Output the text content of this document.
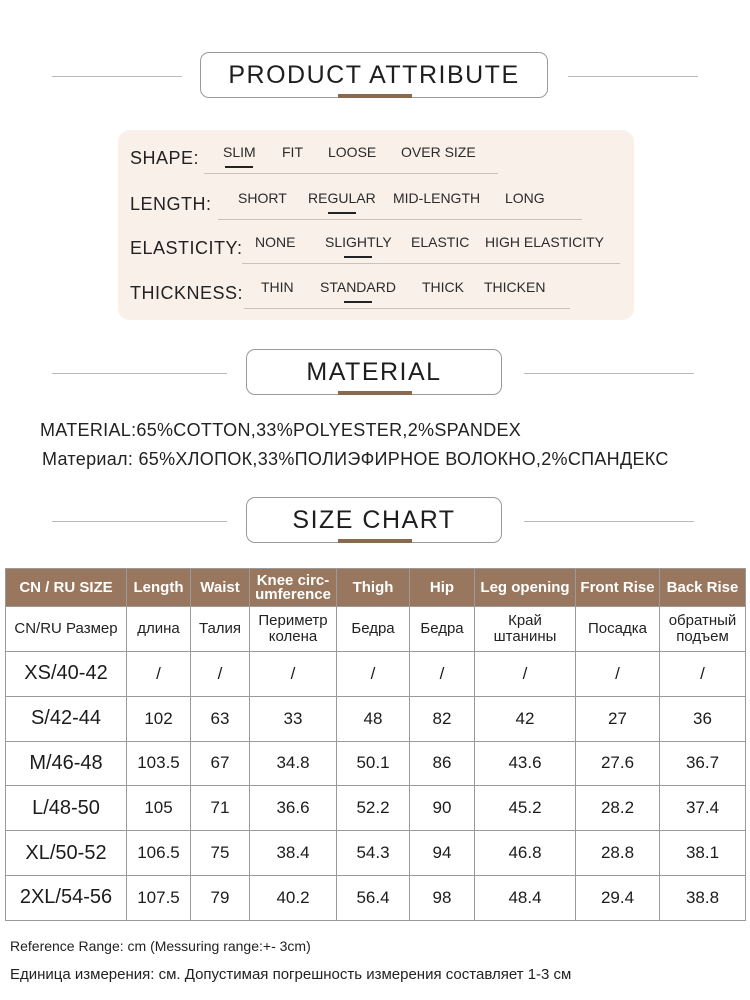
PRODUCT ATTRIBUTE
SHAPE: SLIM FIT LOOSE OVER SIZE
LENGTH: SHORT REGULAR MID-LENGTH LONG
ELASTICITY: NONE SLIGHTLY ELASTIC HIGH ELASTICITY
THICKNESS: THIN STANDARD THICK THICKEN
MATERIAL
MATERIAL:65%COTTON,33%POLYESTER,2%SPANDEX
Материал: 65%ХЛОПОК,33%ПОЛИЭФИРНОЕ ВОЛОКНО,2%СПАНДЕКС
SIZE CHART
CN / RU SIZE	Length	Waist	Knee circ-
umference	Thigh	Hip	Leg opening	Front Rise	Back Rise
CN/RU Размер	длина	Талия	Периметр
колена	Бедра	Бедра	Край
штанины	Посадка	обратный
подъем
XS/40-42	/	/	/	/	/	/	/	/
S/42-44	102	63	33	48	82	42	27	36
M/46-48	103.5	67	34.8	50.1	86	43.6	27.6	36.7
L/48-50	105	71	36.6	52.2	90	45.2	28.2	37.4
XL/50-52	106.5	75	38.4	54.3	94	46.8	28.8	38.1
2XL/54-56	107.5	79	40.2	56.4	98	48.4	29.4	38.8
Reference Range: cm (Messuring range:+- 3cm)
Единица измерения: см. Допустимая погрешность измерения составляет 1-3 см
